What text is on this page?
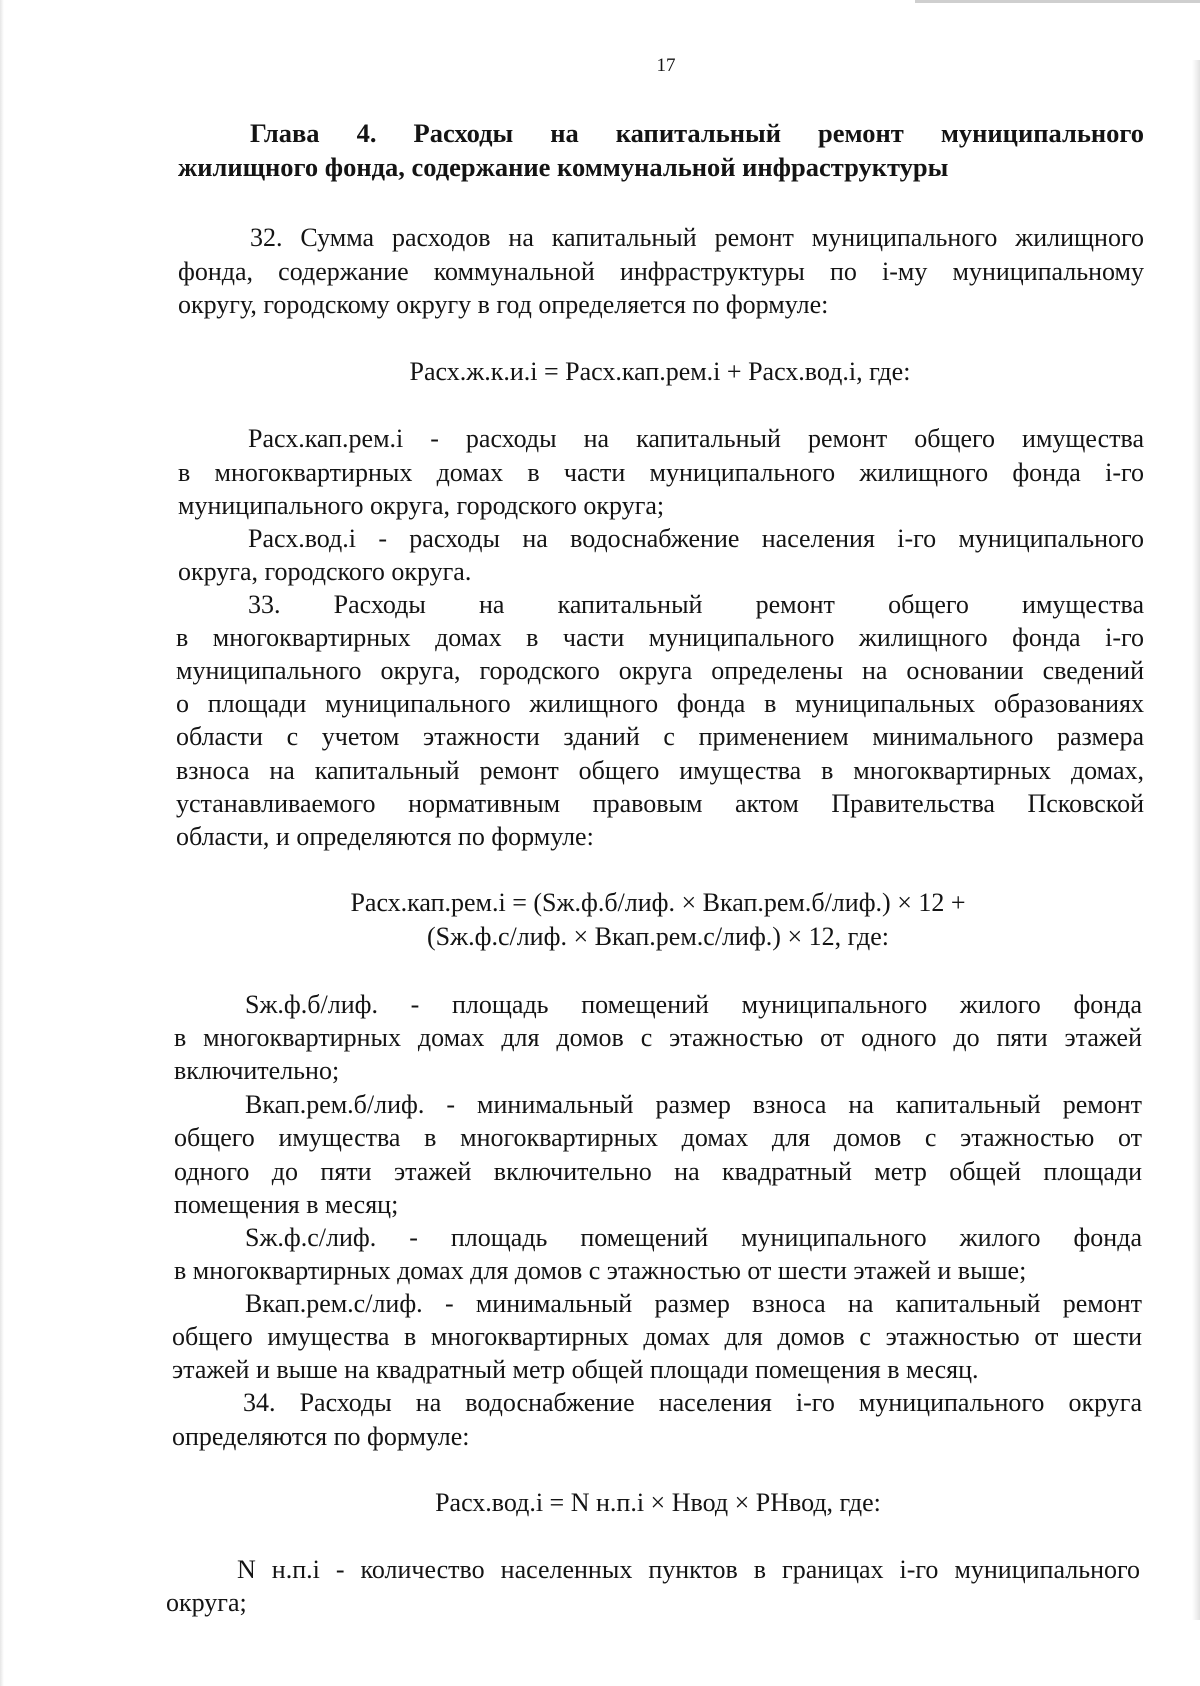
17
Глава 4. Расходы на капитальный ремонт муниципального
жилищного фонда, содержание коммунальной инфраструктуры
32. Сумма расходов на капитальный ремонт муниципального жилищного
фонда, содержание коммунальной инфраструктуры по i-му муниципальному
округу, городскому округу в год определяется по формуле:
Расх.ж.к.и.i = Расх.кап.рем.i + Расх.вод.i, где:
Расх.кап.рем.i - расходы на капитальный ремонт общего имущества
в многоквартирных домах в части муниципального жилищного фонда i-го
муниципального округа, городского округа;
Расх.вод.i - расходы на водоснабжение населения i-го муниципального
округа, городского округа.
33. Расходы на капитальный ремонт общего имущества
в многоквартирных домах в части муниципального жилищного фонда i-го
муниципального округа, городского округа определены на основании сведений
о площади муниципального жилищного фонда в муниципальных образованиях
области с учетом этажности зданий с применением минимального размера
взноса на капитальный ремонт общего имущества в многоквартирных домах,
устанавливаемого нормативным правовым актом Правительства Псковской
области, и определяются по формуле:
Расх.кап.рем.i = (Sж.ф.б/лиф. × Вкап.рем.б/лиф.) × 12 +
(Sж.ф.с/лиф. × Вкап.рем.с/лиф.) × 12, где:
Sж.ф.б/лиф. - площадь помещений муниципального жилого фонда
в многоквартирных домах для домов с этажностью от одного до пяти этажей
включительно;
Вкап.рем.б/лиф. - минимальный размер взноса на капитальный ремонт
общего имущества в многоквартирных домах для домов с этажностью от
одного до пяти этажей включительно на квадратный метр общей площади
помещения в месяц;
Sж.ф.с/лиф. - площадь помещений муниципального жилого фонда
в многоквартирных домах для домов с этажностью от шести этажей и выше;
Вкап.рем.с/лиф. - минимальный размер взноса на капитальный ремонт
общего имущества в многоквартирных домах для домов с этажностью от шести
этажей и выше на квадратный метр общей площади помещения в месяц.
34. Расходы на водоснабжение населения i-го муниципального округа
определяются по формуле:
Расх.вод.i = N н.п.i × Нвод × РНвод, где:
N н.п.i - количество населенных пунктов в границах i-го муниципального
округа;
